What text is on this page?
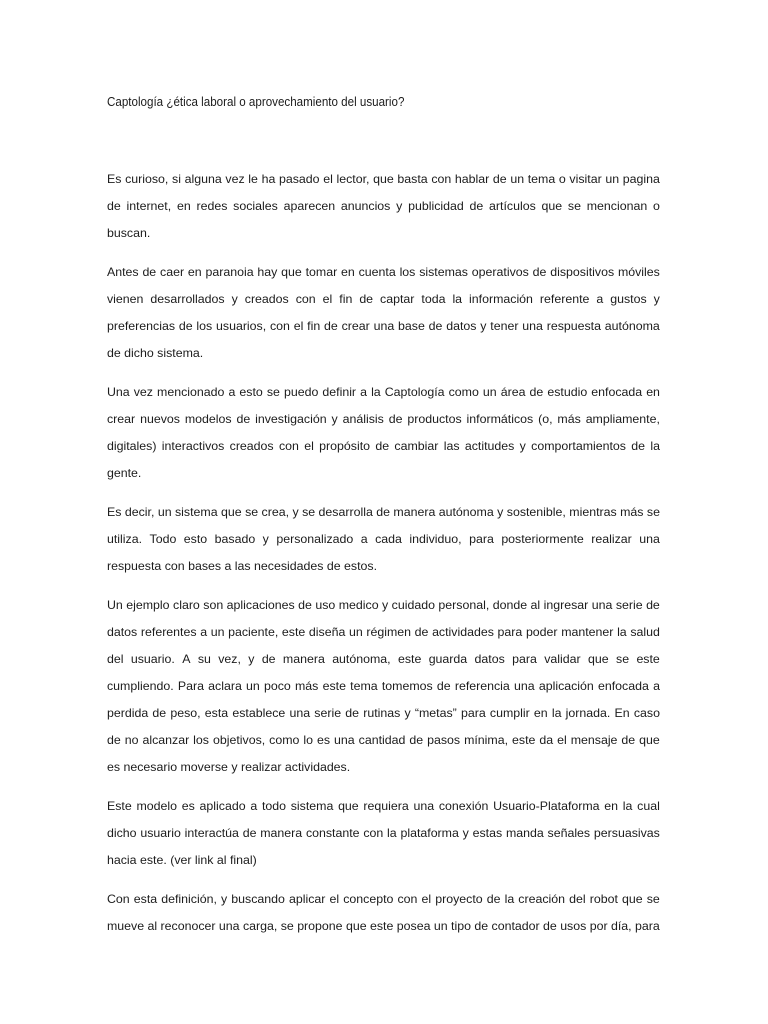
Captología ¿ética laboral o aprovechamiento del usuario?

Es curioso, si alguna vez le ha pasado el lector, que basta con hablar de un tema o visitar un pagina
de internet, en redes sociales aparecen anuncios y publicidad de artículos que se mencionan o
buscan.

Antes de caer en paranoia hay que tomar en cuenta los sistemas operativos de dispositivos móviles
vienen desarrollados y creados con el fin de captar toda la información referente a gustos y
preferencias de los usuarios, con el fin de crear una base de datos y tener una respuesta autónoma
de dicho sistema.

Una vez mencionado a esto se puedo definir a la Captología como un área de estudio enfocada en
crear nuevos modelos de investigación y análisis de productos informáticos (o, más ampliamente,
digitales) interactivos creados con el propósito de cambiar las actitudes y comportamientos de la
gente.

Es decir, un sistema que se crea, y se desarrolla de manera autónoma y sostenible, mientras más se
utiliza. Todo esto basado y personalizado a cada individuo, para posteriormente realizar una
respuesta con bases a las necesidades de estos.

Un ejemplo claro son aplicaciones de uso medico y cuidado personal, donde al ingresar una serie de
datos referentes a un paciente, este diseña un régimen de actividades para poder mantener la salud
del usuario. A su vez, y de manera autónoma, este guarda datos para validar que se este
cumpliendo. Para aclara un poco más este tema tomemos de referencia una aplicación enfocada a
perdida de peso, esta establece una serie de rutinas y “metas” para cumplir en la jornada. En caso
de no alcanzar los objetivos, como lo es una cantidad de pasos mínima, este da el mensaje de que
es necesario moverse y realizar actividades.

Este modelo es aplicado a todo sistema que requiera una conexión Usuario-Plataforma en la cual
dicho usuario interactúa de manera constante con la plataforma y estas manda señales persuasivas
hacia este. (ver link al final)

Con esta definición, y buscando aplicar el concepto con el proyecto de la creación del robot que se
mueve al reconocer una carga, se propone que este posea un tipo de contador de usos por día, para
